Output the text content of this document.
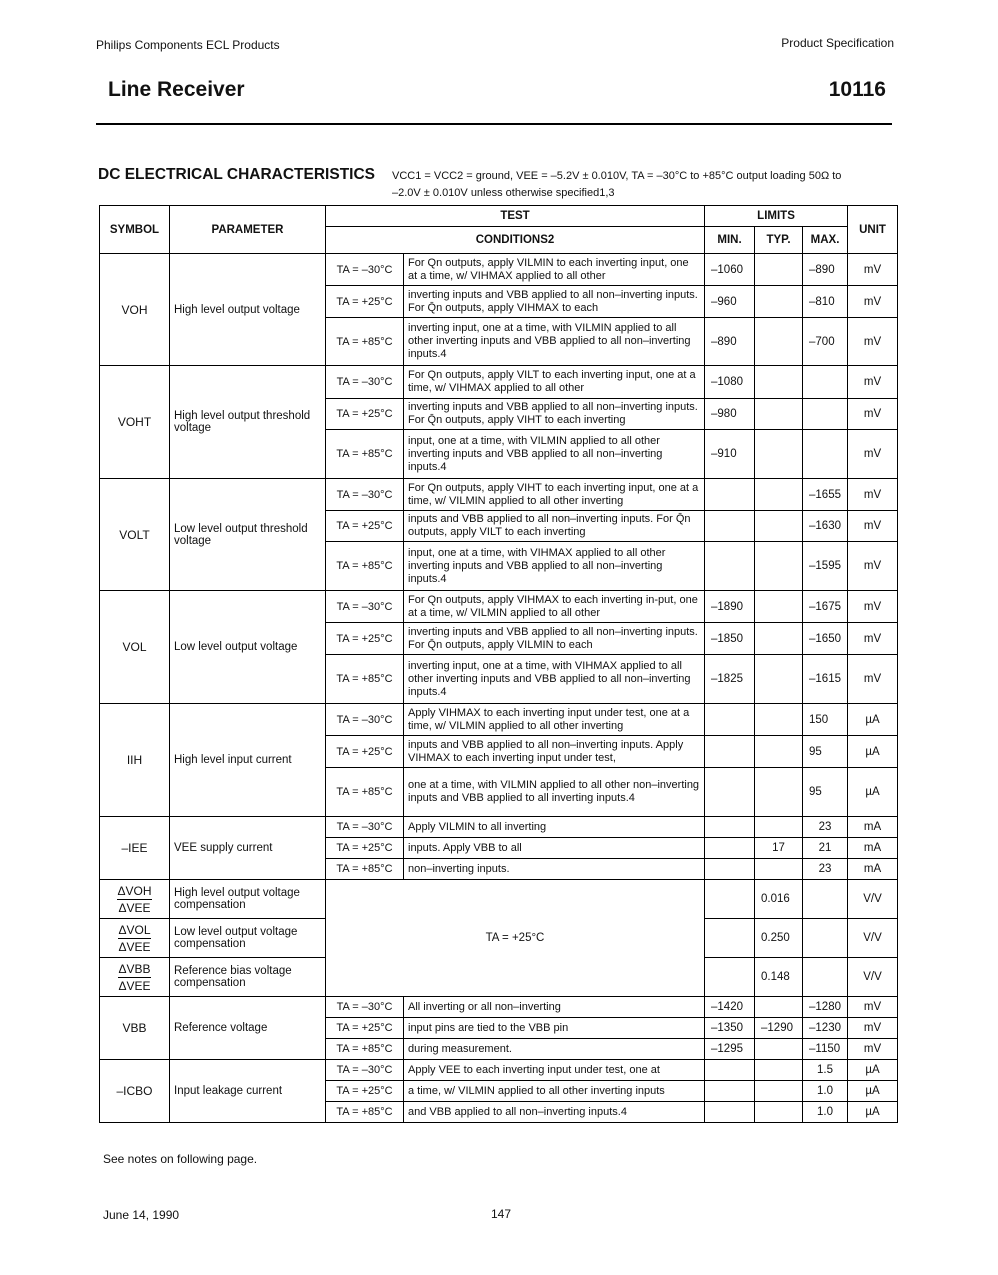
Philips Components ECL Products	Product Specification
Line Receiver	10116
DC ELECTRICAL CHARACTERISTICS VCC1 = VCC2 = ground, VEE = –5.2V ± 0.010V, TA = –30°C to +85°C output loading 50Ω to
–2.0V ± 0.010V unless otherwise specified1,3
SYMBOL	PARAMETER	TEST		LIMITS			UNIT
		CONDITIONS2		MIN.	TYP.	MAX.	
VOH	High level output voltage	TA = –30°C	For Qn outputs, apply VILMIN to each inverting input, one at a time, w/ VIHMAX applied to all other	–1060		–890	mV
		TA = +25°C	inverting inputs and VBB applied to all non–inverting inputs. For Q̄n outputs, apply VIHMAX to each	–960		–810	mV
		TA = +85°C	inverting input, one at a time, with VILMIN applied to all other inverting inputs and VBB applied to all non–inverting inputs.4	–890		–700	mV
VOHT	High level output threshold voltage	TA = –30°C	For Qn outputs, apply VILT to each inverting input, one at a time, w/ VIHMAX applied to all other	–1080			mV
		TA = +25°C	inverting inputs and VBB applied to all non–inverting inputs. For Q̄n outputs, apply VIHT to each inverting	–980			mV
		TA = +85°C	input, one at a time, with VILMIN applied to all other inverting inputs and VBB applied to all non–inverting inputs.4	–910			mV
VOLT	Low level output threshold voltage	TA = –30°C	For Qn outputs, apply VIHT to each inverting input, one at a time, w/ VILMIN applied to all other inverting			–1655	mV
		TA = +25°C	inputs and VBB applied to all non–inverting inputs. For Q̄n outputs, apply VILT to each inverting			–1630	mV
		TA = +85°C	input, one at a time, with VIHMAX applied to all other inverting inputs and VBB applied to all non–inverting inputs.4			–1595	mV
VOL	Low level output voltage	TA = –30°C	For Qn outputs, apply VIHMAX to each inverting in-put, one at a time, w/ VILMIN applied to all other	–1890		–1675	mV
		TA = +25°C	inverting inputs and VBB applied to all non–inverting inputs. For Q̄n outputs, apply VILMIN to each	–1850		–1650	mV
		TA = +85°C	inverting input, one at a time, with VIHMAX applied to all other inverting inputs and VBB applied to all non–inverting inputs.4	–1825		–1615	mV
IIH	High level input current	TA = –30°C	Apply VIHMAX to each inverting input under test, one at a time, w/ VILMIN applied to all other inverting			150	µA
		TA = +25°C	inputs and VBB applied to all non–inverting inputs. Apply VIHMAX to each inverting input under test,			95	µA
		TA = +85°C	one at a time, with VILMIN applied to all other non–inverting inputs and VBB applied to all inverting inputs.4			95	µA
–IEE	VEE supply current	TA = –30°C	Apply VILMIN to all inverting			23	mA
		TA = +25°C	inputs. Apply VBB to all		17	21	mA
		TA = +85°C	non–inverting inputs.			23	mA

$\frac{\text{ΔVOH}}{\text{ΔVEE}}$	High level output voltage compensation	TA = +25°C			0.016		V/V

$\frac{\text{ΔVOL}}{\text{ΔVEE}}$	Low level output voltage compensation				0.250		V/V

$\frac{\text{ΔVBB}}{\text{ΔVEE}}$	Reference bias voltage compensation				0.148		V/V
VBB	Reference voltage	TA = –30°C	All inverting or all non–inverting	–1420		–1280	mV
		TA = +25°C	input pins are tied to the VBB pin	–1350	–1290	–1230	mV
		TA = +85°C	during measurement.	–1295		–1150	mV
–ICBO	Input leakage current	TA = –30°C	Apply VEE to each inverting input under test, one at			1.5	µA
		TA = +25°C	a time, w/ VILMIN applied to all other inverting inputs			1.0	µA
		TA = +85°C	and VBB applied to all non–inverting inputs.4			1.0	µA
See notes on following page.
June 14, 1990	147
